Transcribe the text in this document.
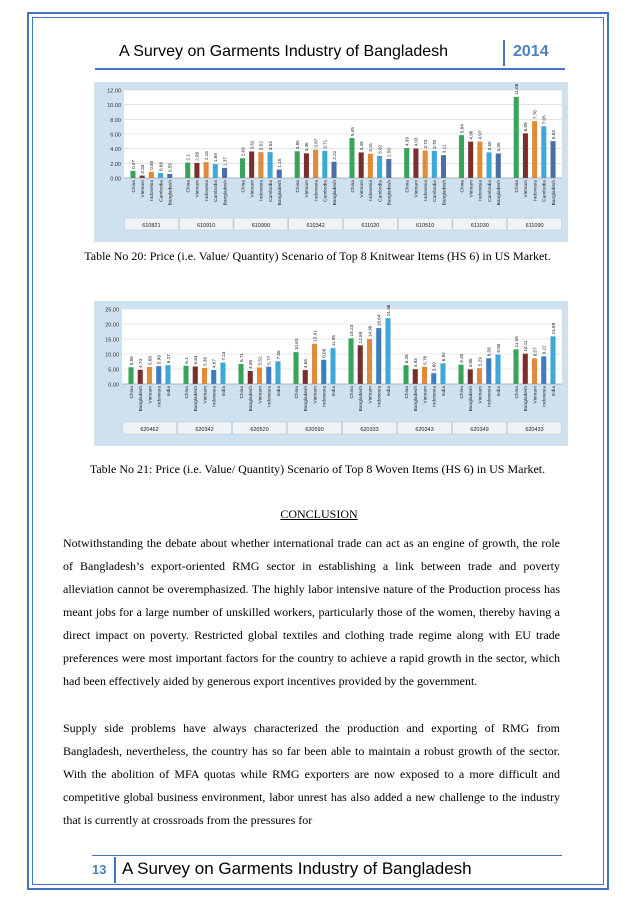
A Survey on Garments Industry of Bangladesh	2014
12.00
10.00
8.00
6.00
4.00
2.00
0.00
0.97
China
0.33
Vietnam
0.85
Indonesia
0.68
Cambodia
0.55
Bangladesh
610821
2.1
China
2.06
Vietnam
2.16
Indonesia
1.89
Cambodia
1.37
Bangladesh
610910
2.69
China
3.62
Vietnam
3.52
Indonesia
3.53
Cambodia
1.15
Bangladesh
610990
3.65
China
3.36
Vietnam
3.87
Indonesia
3.71
Cambodia
2.22
Bangladesh
610342
5.45
China
3.49
Vietnam
3.31
Indonesia
3.02
Cambodia
2.59
Bangladesh
611020
4.09
China
4.03
Vietnam
3.73
Indonesia
3.70
Cambodia
3.11
Bangladesh
610510
5.84
China
4.96
Vietnam
4.97
Indonesia
3.50
Cambodia
3.35
Bangladesh
611030
11.06
China
6.09
Vietnam
7.76
Indonesia
7.05
Cambodia
5.03
Bangladesh
611090
Table No 20: Price (i.e. Value/ Quantity) Scenario of Top 8 Knitwear Items (HS 6) in US Market.
25.00
20.00
15.00
10.00
5.00
0.00
5.58
China
4.73
Bangladesh
5.68
Vietnam
5.98
Indonesia
6.27
India
620462
6.1
China
5.84
Bangladesh
5.36
Vietnam
4.67
Indonesia
7.14
India
620342
6.71
China
4.36
Bangladesh
5.52
Vietnam
5.77
Indonesia
7.55
India
620520
10.63
China
4.65
Bangladesh
13.41
Vietnam
8.08
Indonesia
11.95
India
620590
15.23
China
12.89
Bangladesh
14.96
Vietnam
18.64
Indonesia
21.96
India
620333
6.26
China
4.93
Bangladesh
5.76
Vietnam
3.60
Indonesia
6.92
India
620343
6.45
China
4.86
Bangladesh
5.29
Vietnam
8.58
Indonesia
9.80
India
620349
11.55
China
10.11
Bangladesh
8.57
Vietnam
9.22
Indonesia
15.89
India
620433
Table No 21: Price (i.e. Value/ Quantity) Scenario of Top 8 Woven Items (HS 6) in US Market.
CONCLUSION
Notwithstanding the debate about whether international trade can act as an engine of growth, the role of Bangladesh’s export-oriented RMG sector in establishing a link between trade and poverty alleviation cannot be overemphasized. The highly labor intensive nature of the Production process has meant jobs for a large number of unskilled workers, particularly those of the women, thereby having a direct impact on poverty. Restricted global textiles and clothing trade regime along with EU trade preferences were most important factors for the country to achieve a rapid growth in the sector, which had been effectively aided by generous export incentives provided by the government.
Supply side problems have always characterized the production and exporting of RMG from Bangladesh, nevertheless, the country has so far been able to maintain a robust growth of the sector. With the abolition of MFA quotas while RMG exporters are now exposed to a more difficult and competitive global business environment, labor unrest has also added a new challenge to the industry that is currently at crossroads from the pressures for
13 A Survey on Garments Industry of Bangladesh
